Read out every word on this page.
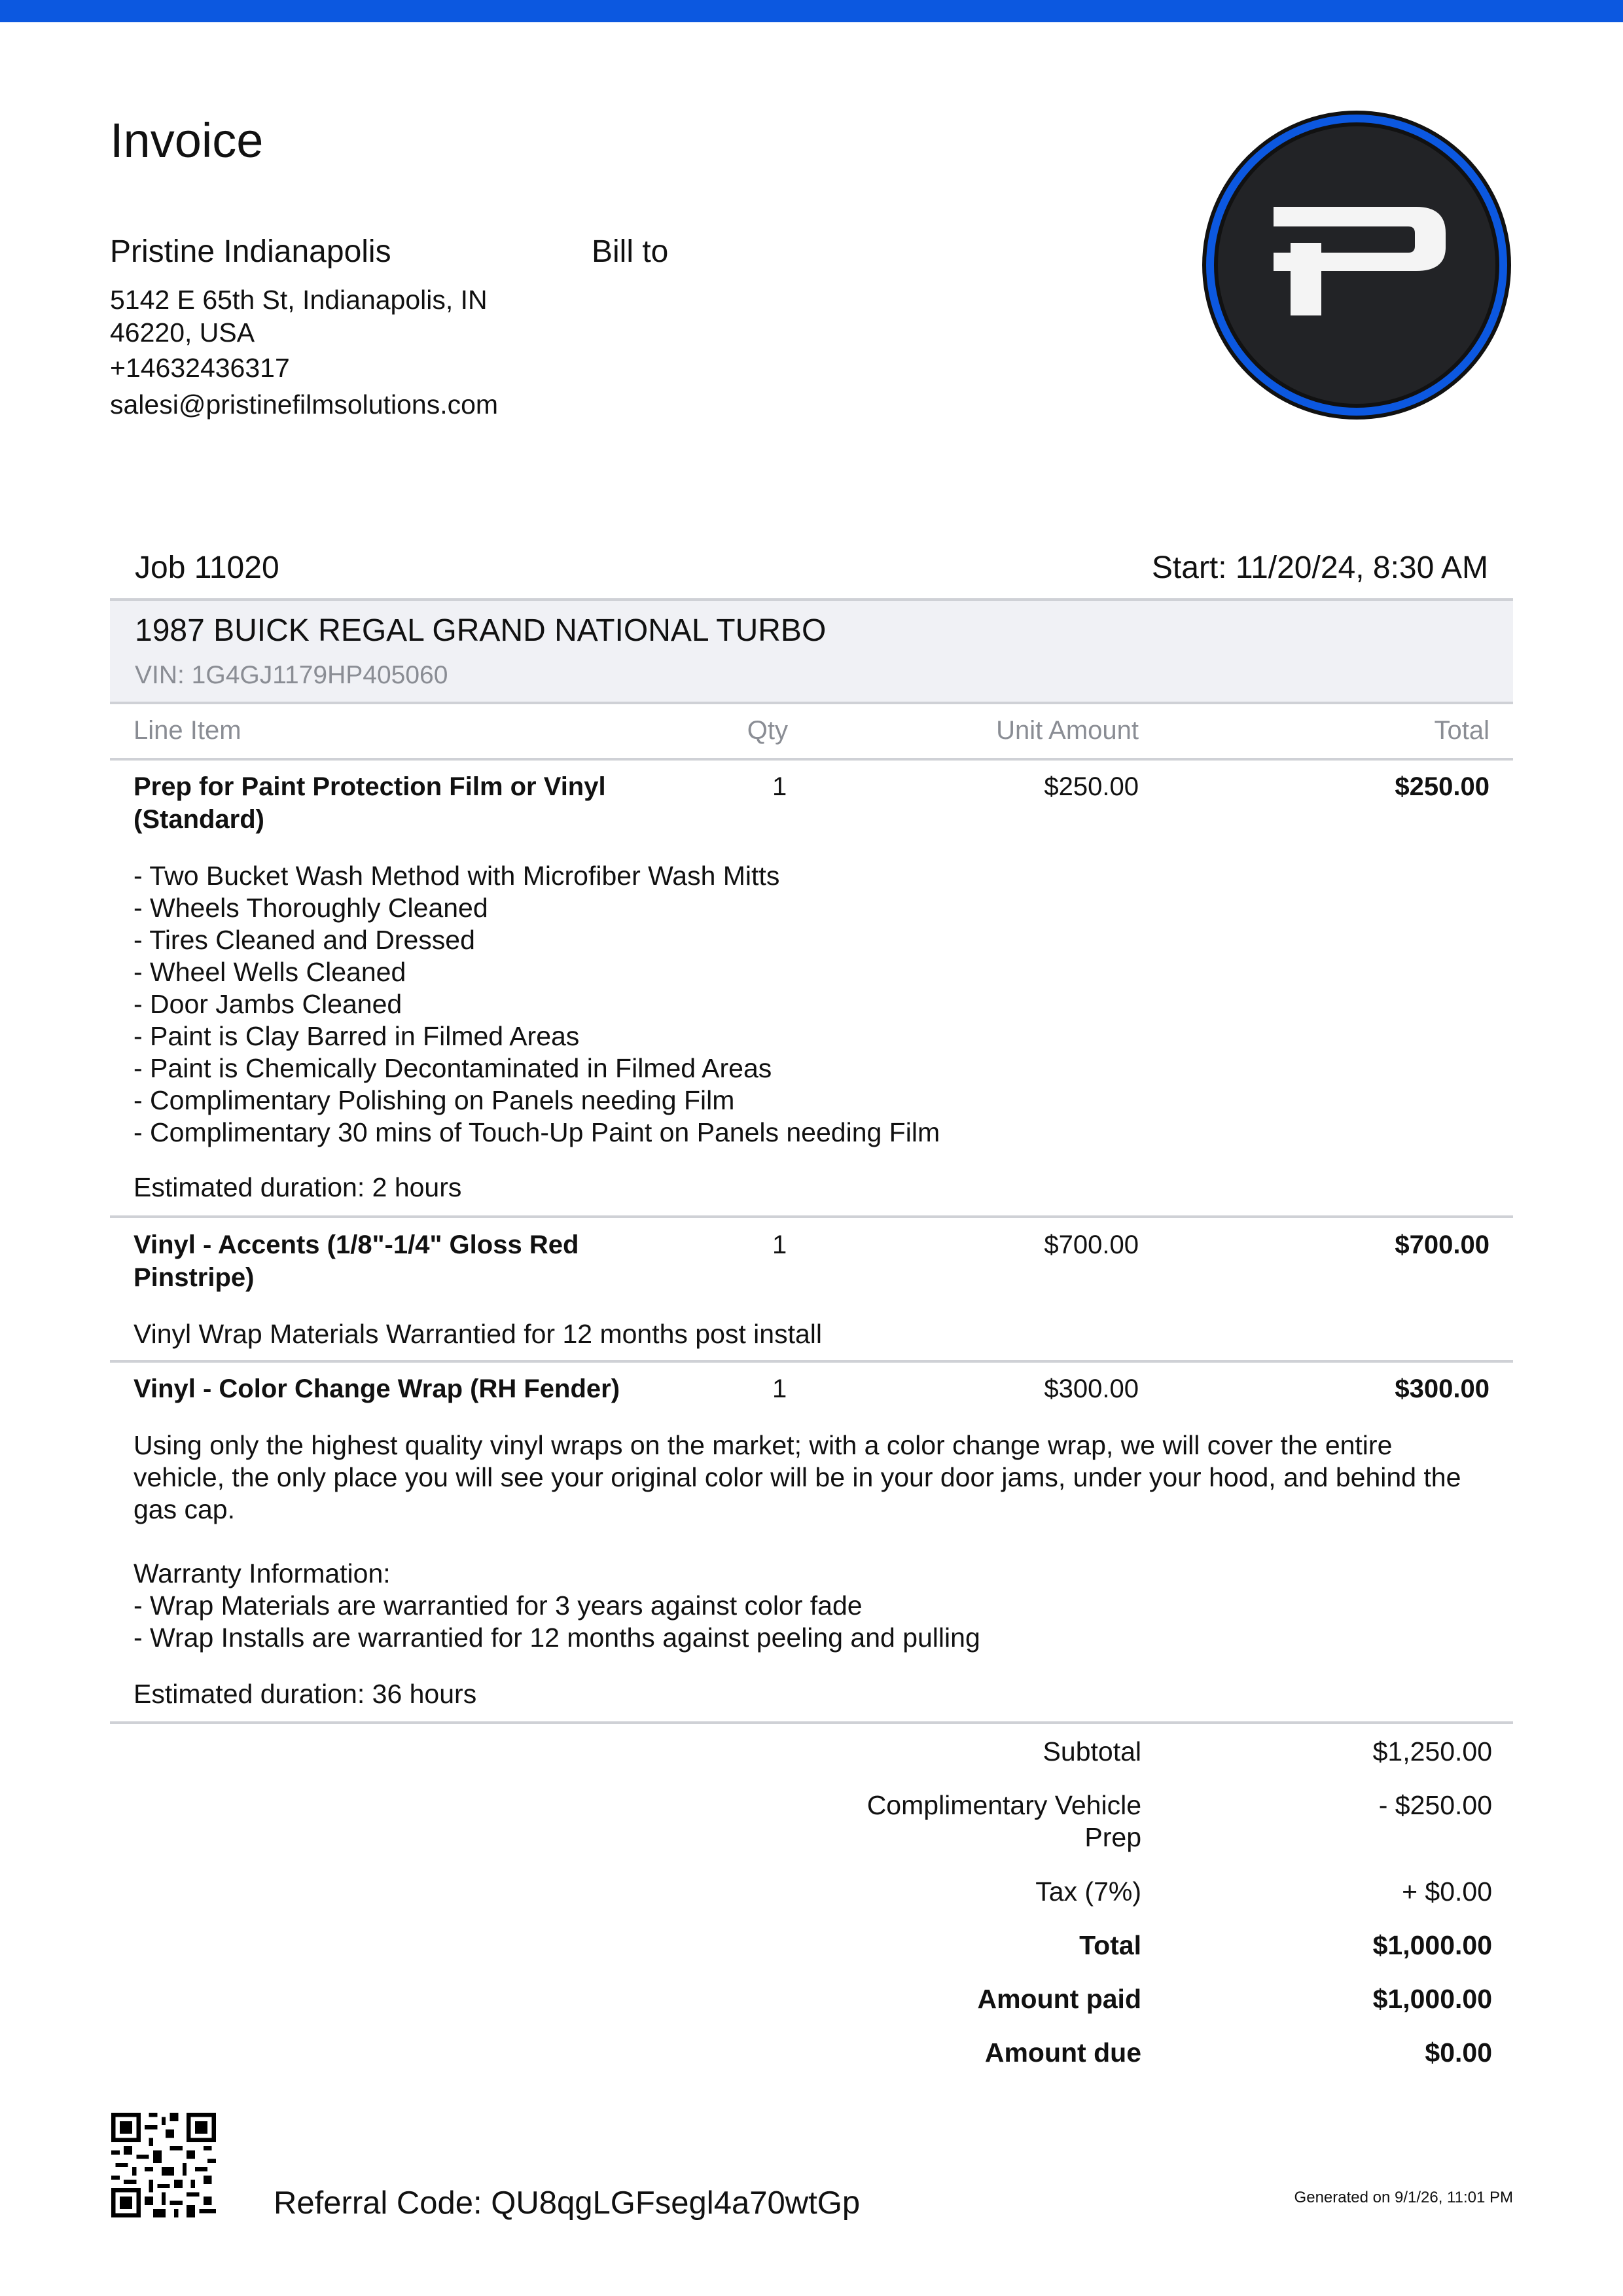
Invoice
Pristine Indianapolis
5142 E 65th St, Indianapolis, IN
46220, USA
+14632436317
salesi@pristinefilmsolutions.com
Bill to
Job 11020	Start: 11/20/24, 8:30 AM
1987 BUICK REGAL GRAND NATIONAL TURBO
VIN: 1G4GJ1179HP405060
Line Item	Qty	Unit Amount	Total
Prep for Paint Protection Film or Vinyl
(Standard)
1	$250.00	$250.00
- Two Bucket Wash Method with Microfiber Wash Mitts
- Wheels Thoroughly Cleaned
- Tires Cleaned and Dressed
- Wheel Wells Cleaned
- Door Jambs Cleaned
- Paint is Clay Barred in Filmed Areas
- Paint is Chemically Decontaminated in Filmed Areas
- Complimentary Polishing on Panels needing Film
- Complimentary 30 mins of Touch-Up Paint on Panels needing Film
Estimated duration: 2 hours
Vinyl - Accents (1/8"-1/4" Gloss Red
Pinstripe)
1	$700.00	$700.00
Vinyl Wrap Materials Warrantied for 12 months post install
Vinyl - Color Change Wrap (RH Fender)	1	$300.00	$300.00
Using only the highest quality vinyl wraps on the market; with a color change wrap, we will cover the entire
vehicle, the only place you will see your original color will be in your door jams, under your hood, and behind the
gas cap.

Warranty Information:
- Wrap Materials are warrantied for 3 years against color fade
- Wrap Installs are warrantied for 12 months against peeling and pulling
Estimated duration: 36 hours
Subtotal	$1,250.00
Complimentary Vehicle
Prep
- $250.00
Tax (7%)	+ $0.00
Total	$1,000.00
Amount paid	$1,000.00
Amount due	$0.00
Referral Code: QU8qgLGFsegl4a70wtGp	Generated on 9/1/26, 11:01 PM
